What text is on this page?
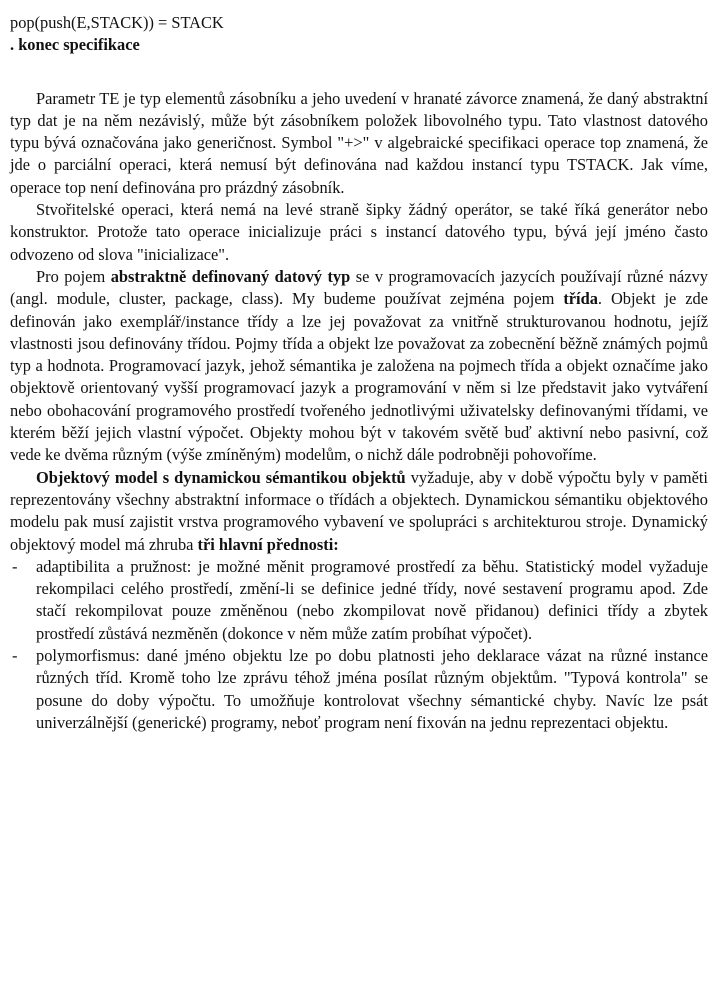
pop(push(E,STACK)) = STACK
. konec specifikace

Parametr TE je typ elementů zásobníku a jeho uvedení v hranaté závorce znamená, že daný abstraktní typ dat je na něm nezávislý, může být zásobníkem položek libovolného typu. Tato vlastnost datového typu bývá označována jako generičnost. Symbol "+>" v algebraické specifikaci operace top znamená, že jde o parciální operaci, která nemusí být definována nad každou instancí typu TSTACK. Jak víme, operace top není definována pro prázdný zásobník.

Stvořitelské operaci, která nemá na levé straně šipky žádný operátor, se také říká generátor nebo konstruktor. Protože tato operace inicializuje práci s instancí datového typu, bývá její jméno často odvozeno od slova "inicializace".

Pro pojem abstraktně definovaný datový typ se v programovacích jazycích používají různé názvy (angl. module, cluster, package, class). My budeme používat zejména pojem třída. Objekt je zde definován jako exemplář/instance třídy a lze jej považovat za vnitřně strukturovanou hodnotu, jejíž vlastnosti jsou definovány třídou. Pojmy třída a objekt lze považovat za zobecnění běžně známých pojmů typ a hodnota. Programovací jazyk, jehož sémantika je založena na pojmech třída a objekt označíme jako objektově orientovaný vyšší programovací jazyk a programování v něm si lze představit jako vytváření nebo obohacování programového prostředí tvořeného jednotlivými uživatelsky definovanými třídami, ve kterém běží jejich vlastní výpočet. Objekty mohou být v takovém světě buď aktivní nebo pasivní, což vede ke dvěma různým (výše zmíněným) modelům, o nichž dále podrobněji pohovoříme.

Objektový model s dynamickou sémantikou objektů vyžaduje, aby v době výpočtu byly v paměti reprezentovány všechny abstraktní informace o třídách a objektech. Dynamickou sémantiku objektového modelu pak musí zajistit vrstva programového vybavení ve spolupráci s architekturou stroje. Dynamický objektový model má zhruba tři hlavní přednosti:

- adaptibilita a pružnost: je možné měnit programové prostředí za běhu. Statistický model vyžaduje rekompilaci celého prostředí, změní-li se definice jedné třídy, nové sestavení programu apod. Zde stačí rekompilovat pouze změněnou (nebo zkompilovat nově přidanou) definici třídy a zbytek prostředí zůstává nezměněn (dokonce v něm může zatím probíhat výpočet).
- polymorfismus: dané jméno objektu lze po dobu platnosti jeho deklarace vázat na různé instance různých tříd. Kromě toho lze zprávu téhož jména posílat různým objektům. "Typová kontrola" se posune do doby výpočtu. To umožňuje kontrolovat všechny sémantické chyby. Navíc lze psát univerzálnější (generické) programy, neboť program není fixován na jednu reprezentaci objektu.
